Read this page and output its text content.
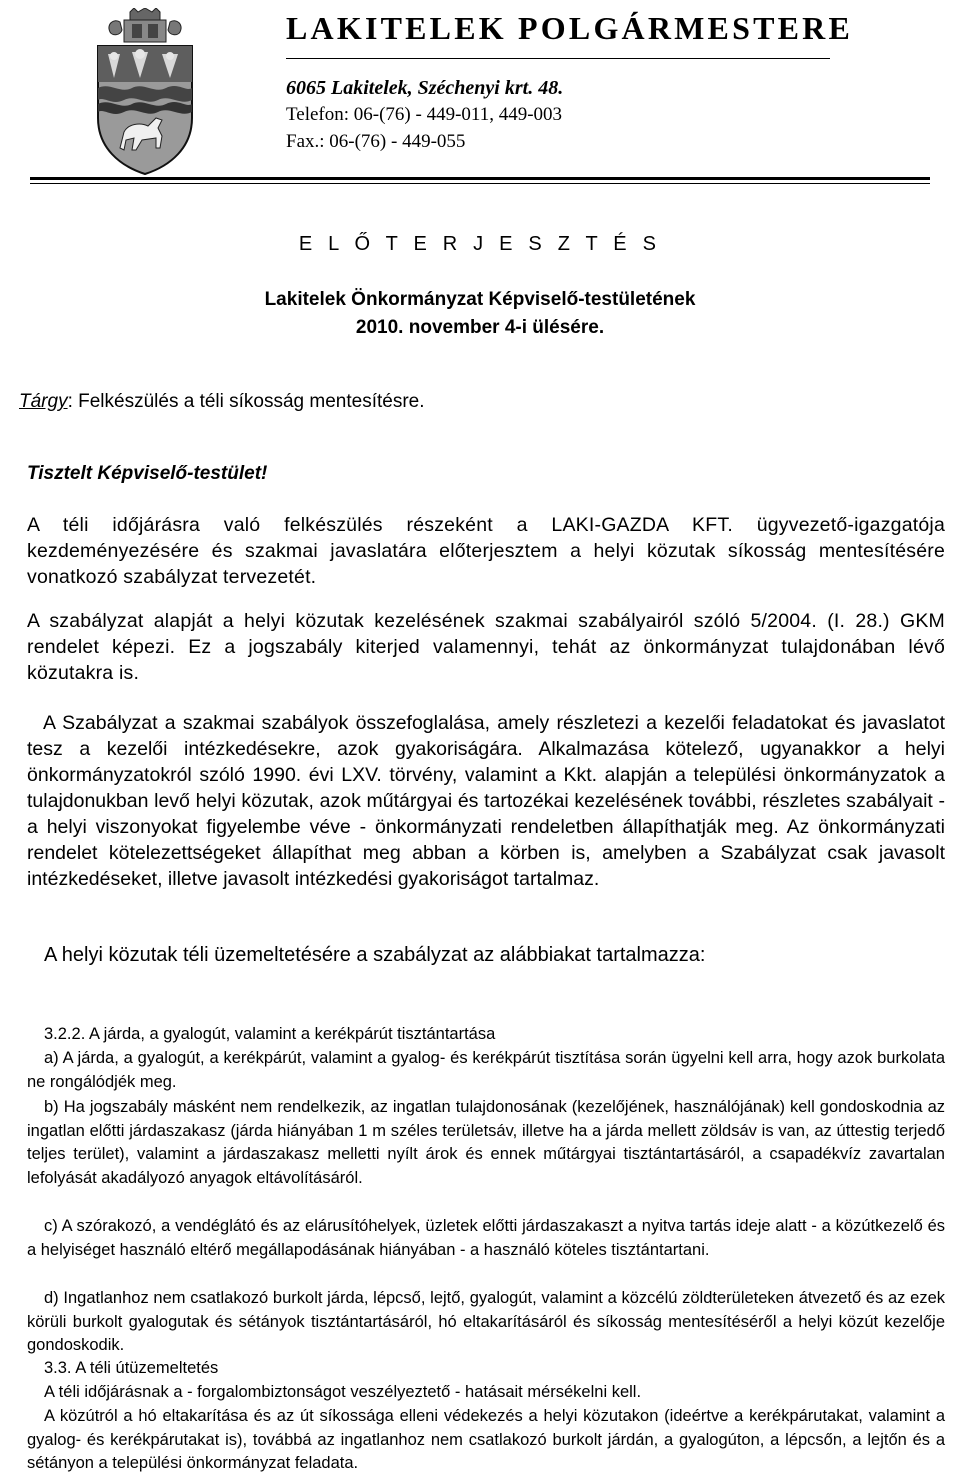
LAKITELEK POLGÁRMESTERE
6065 Lakitelek, Széchenyi krt. 48.
Telefon: 06-(76) - 449-011, 449-003
Fax.: 06-(76) - 449-055
E L Ő T E R J E S Z T É S
Lakitelek Önkormányzat Képviselő-testületének
2010. november 4-i ülésére.
Tárgy: Felkészülés a téli síkosság mentesítésre.
Tisztelt Képviselő-testület!

A téli időjárásra való felkészülés részeként a LAKI-GAZDA KFT. ügyvezető-igazgatója kezdeményezésére és szakmai javaslatára előterjesztem a helyi közutak síkosság mentesítésére vonatkozó szabályzat tervezetét.

A szabályzat alapját a helyi közutak kezelésének szakmai szabályairól szóló 5/2004. (I. 28.) GKM rendelet képezi. Ez a jogszabály kiterjed valamennyi, tehát az önkormányzat tulajdonában lévő közutakra is.

A Szabályzat a szakmai szabályok összefoglalása, amely részletezi a kezelői feladatokat és javaslatot tesz a kezelői intézkedésekre, azok gyakoriságára. Alkalmazása kötelező, ugyanakkor a helyi önkormányzatokról szóló 1990. évi LXV. törvény, valamint a Kkt. alapján a települési önkormányzatok a tulajdonukban levő helyi közutak, azok műtárgyai és tartozékai kezelésének további, részletes szabályait - a helyi viszonyokat figyelembe véve - önkormányzati rendeletben állapíthatják meg. Az önkormányzati rendelet kötelezettségeket állapíthat meg abban a körben is, amelyben a Szabályzat csak javasolt intézkedéseket, illetve javasolt intézkedési gyakoriságot tartalmaz.

A helyi közutak téli üzemeltetésére a szabályzat az alábbiakat tartalmazza:

3.2.2. A járda, a gyalogút, valamint a kerékpárút tisztántartása

a) A járda, a gyalogút, a kerékpárút, valamint a gyalog- és kerékpárút tisztítása során ügyelni kell arra, hogy azok burkolata ne rongálódjék meg.

b) Ha jogszabály másként nem rendelkezik, az ingatlan tulajdonosának (kezelőjének, használójának) kell gondoskodnia az ingatlan előtti járdaszakasz (járda hiányában 1 m széles területsáv, illetve ha a járda mellett zöldsáv is van, az úttestig terjedő teljes terület), valamint a járdaszakasz melletti nyílt árok és ennek műtárgyai tisztántartásáról, a csapadékvíz zavartalan lefolyását akadályozó anyagok eltávolításáról.

c) A szórakozó, a vendéglátó és az elárusítóhelyek, üzletek előtti járdaszakaszt a nyitva tartás ideje alatt - a közútkezelő és a helyiséget használó eltérő megállapodásának hiányában - a használó köteles tisztántartani.

d) Ingatlanhoz nem csatlakozó burkolt járda, lépcső, lejtő, gyalogút, valamint a közcélú zöldterületeken átvezető és az ezek körüli burkolt gyalogutak és sétányok tisztántartásáról, hó eltakarításáról és síkosság mentesítéséről a helyi közút kezelője gondoskodik.

3.3. A téli útüzemeltetés

A téli időjárásnak a - forgalombiztonságot veszélyeztető - hatásait mérsékelni kell.

A közútról a hó eltakarítása és az út síkossága elleni védekezés a helyi közutakon (ideértve a kerékpárutakat, valamint a gyalog- és kerékpárutakat is), továbbá az ingatlanhoz nem csatlakozó burkolt járdán, a gyalogúton, a lépcsőn, a lejtőn és a sétányon a települési önkormányzat feladata.
